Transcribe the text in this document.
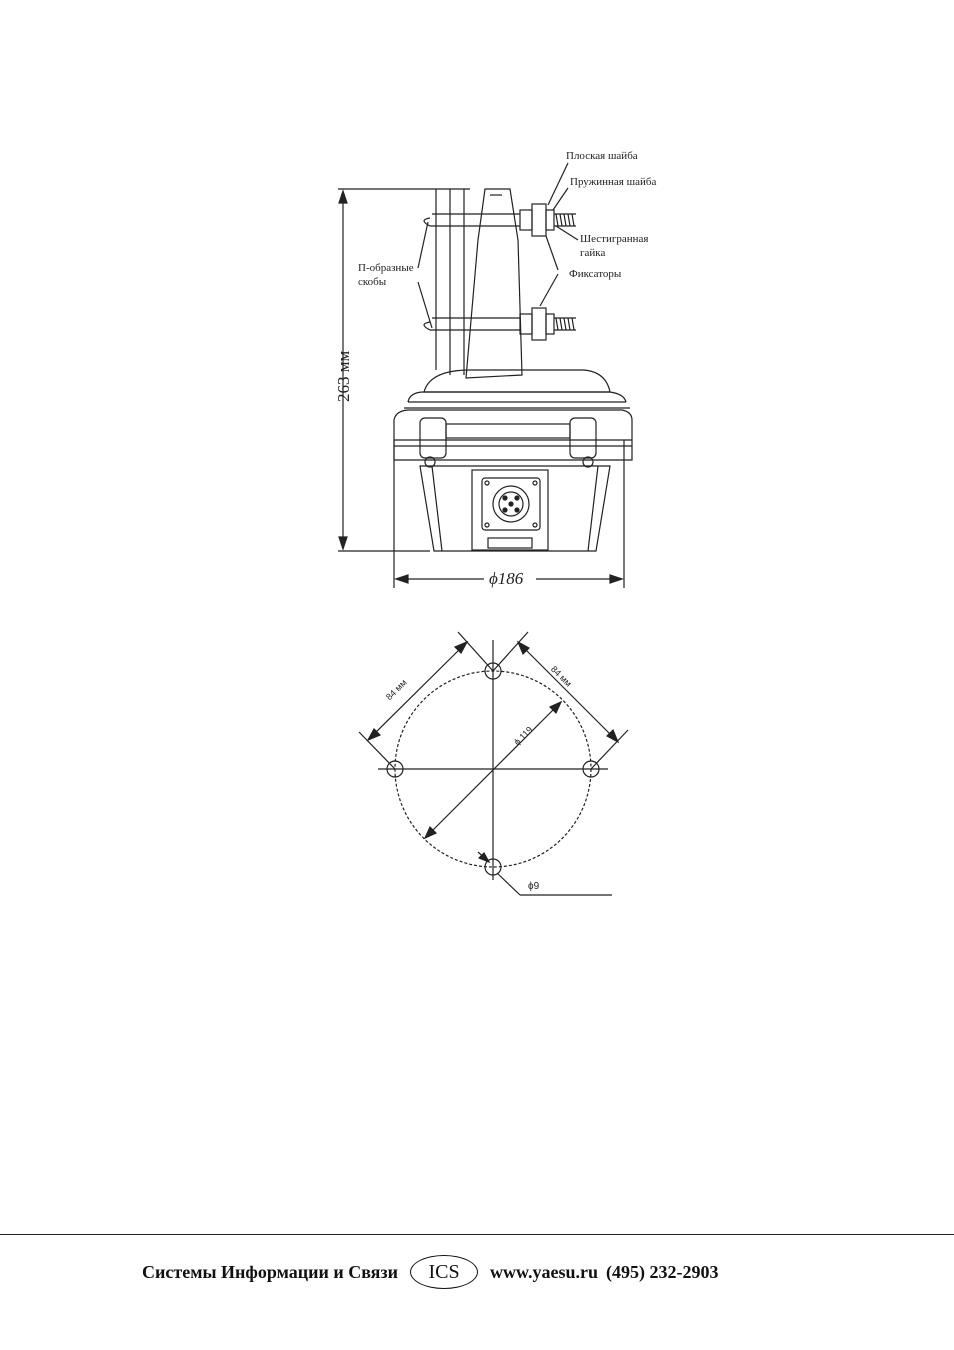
Плоская шайба
Пружинная шайба
Шестигранная
гайка
Фиксаторы
П-образные
скобы
263 мм
ϕ186
84 мм
84 мм
ϕ 119
ϕ9
Системы Информации и Связи	ICS	www.yaesu.ru (495) 232-2903
